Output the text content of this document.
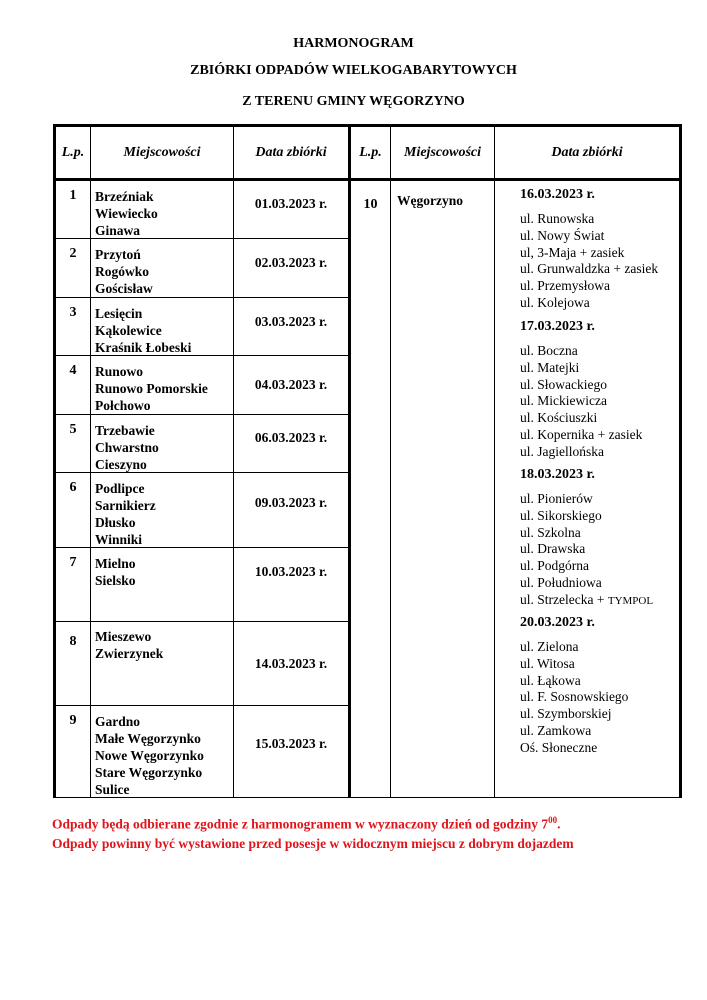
HARMONOGRAM
ZBIÓRKI ODPADÓW WIELKOGABARYTOWYCH
Z TERENU GMINY WĘGORZYNO
L.p.	Miejscowości	Data zbiórki	L.p.	Miejscowości	Data zbiórki
1	Brzeźniak
Wiewiecko
Ginawa
01.03.2023 r.
2	Przytoń
Rogówko
Gościsław
02.03.2023 r.
3	Lesięcin
Kąkolewice
Kraśnik Łobeski
03.03.2023 r.
4	Runowo
Runowo Pomorskie
Połchowo
04.03.2023 r.
5	Trzebawie
Chwarstno
Cieszyno
06.03.2023 r.
6	Podlipce
Sarnikierz
Dłusko
Winniki
09.03.2023 r.
7	Mielno
Sielsko
10.03.2023 r.
8	Mieszewo
Zwierzynek
14.03.2023 r.
9	Gardno
Małe Węgorzynko
Nowe Węgorzynko
Stare Węgorzynko
Sulice
15.03.2023 r.
10	Węgorzyno	16.03.2023 r.
ul. Runowska
ul. Nowy Świat
ul, 3-Maja + zasiek
ul. Grunwaldzka + zasiek
ul. Przemysłowa
ul. Kolejowa
17.03.2023 r.
ul. Boczna
ul. Matejki
ul. Słowackiego
ul. Mickiewicza
ul. Kościuszki
ul. Kopernika + zasiek
ul. Jagiellońska
18.03.2023 r.
ul. Pionierów
ul. Sikorskiego
ul. Szkolna
ul. Drawska
ul. Podgórna
ul. Południowa
ul. Strzelecka + TYMPOL
20.03.2023 r.
ul. Zielona
ul. Witosa
ul. Łąkowa
ul. F. Sosnowskiego
ul. Szymborskiej
ul. Zamkowa
Oś. Słoneczne
Odpady będą odbierane zgodnie z harmonogramem w wyznaczony dzień od godziny $7^{00}$.
Odpady powinny być wystawione przed posesje w widocznym miejscu z dobrym dojazdem
